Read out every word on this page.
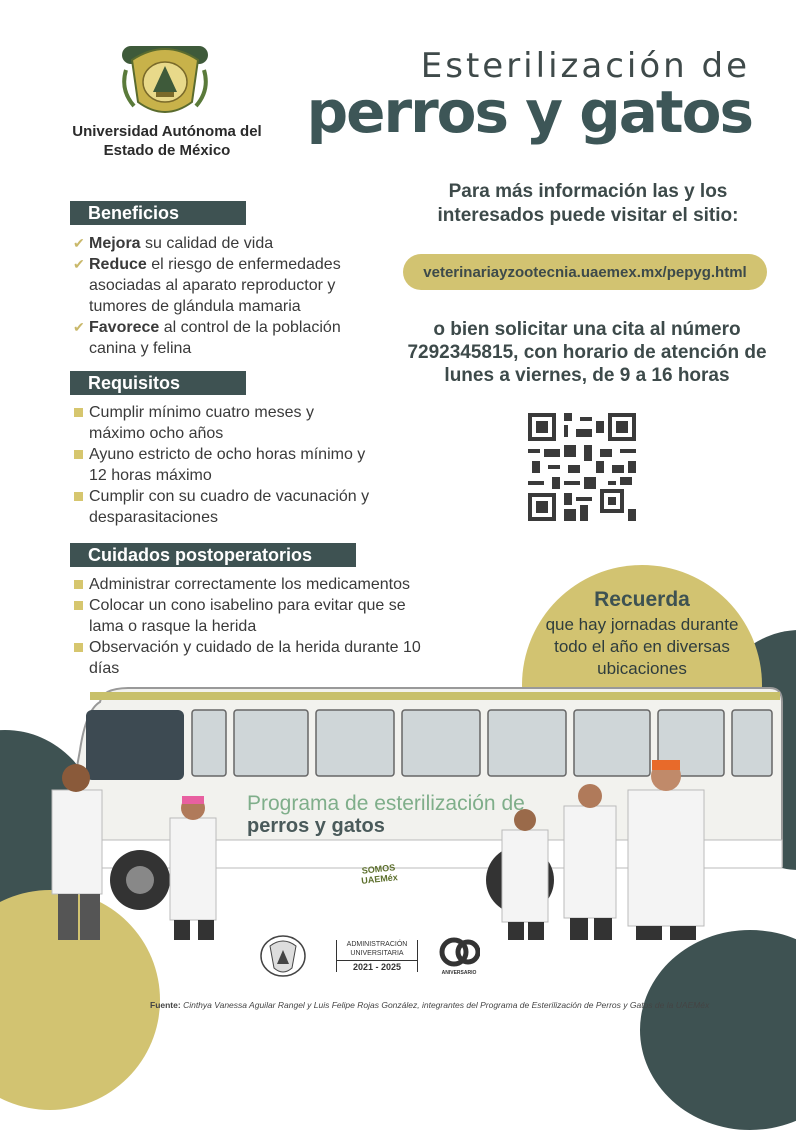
Universidad Autónoma del Estado de México
Esterilización de
perros y gatos
Beneficios
✔ Mejora su calidad de vida
✔ Reduce el riesgo de enfermedades asociadas al aparato reproductor y tumores de glándula mamaria
✔ Favorece al control de la población canina y felina
Requisitos
Cumplir mínimo cuatro meses y máximo ocho años
Ayuno estricto de ocho horas mínimo y 12 horas máximo
Cumplir con su cuadro de vacunación y desparasitaciones
Cuidados postoperatorios
Administrar correctamente los medicamentos
Colocar un cono isabelino para evitar que se lama o rasque la herida
Observación y cuidado de la herida durante 10 días
Para más información las y los interesados puede visitar el sitio:
veterinariayzootecnia.uaemex.mx/pepyg.html
o bien solicitar una cita al número 7292345815, con horario de atención de lunes a viernes, de 9 a 16 horas
Recuerda
que hay jornadas durante todo el año en diversas ubicaciones
Programa de esterilización de
perros y gatos
SOMOS UAEMéx
ADMINISTRACIÓN
UNIVERSITARIA
2021 - 2025
ANIVERSARIO
Fuente: Cinthya Vanessa Aguilar Rangel y Luis Felipe Rojas González, integrantes del Programa de Esterilización de Perros y Gatos de la UAEMéx
